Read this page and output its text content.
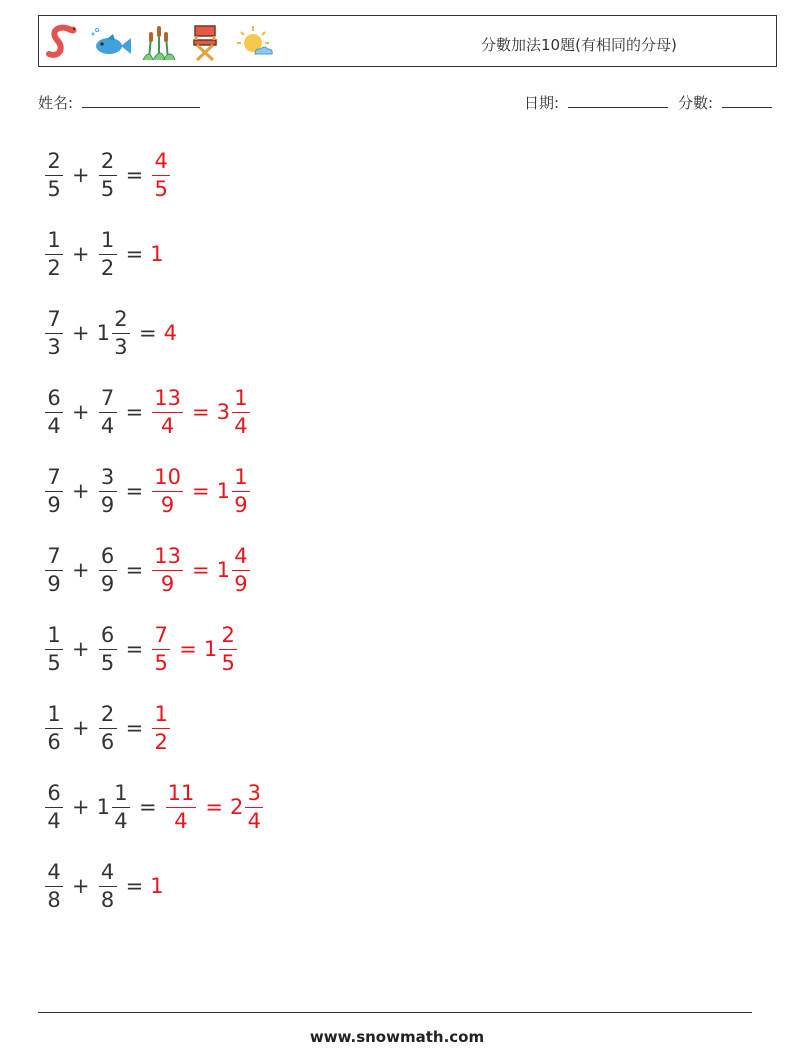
分數加法10題(有相同的分母)
姓名:	日期:	分數:
$\frac{2}{5} + \frac{2}{5} = \frac{4}{5}$
$\frac{1}{2} + \frac{1}{2} = 1$
$\frac{7}{3} + 1 \frac{2}{3} = 4$
$\frac{6}{4} + \frac{7}{4} = \frac{13}{4} = 3 \frac{1}{4}$
$\frac{7}{9} + \frac{3}{9} = \frac{10}{9} = 1 \frac{1}{9}$
$\frac{7}{9} + \frac{6}{9} = \frac{13}{9} = 1 \frac{4}{9}$
$\frac{1}{5} + \frac{6}{5} = \frac{7}{5} = 1 \frac{2}{5}$
$\frac{1}{6} + \frac{2}{6} = \frac{1}{2}$
$\frac{6}{4} + 1 \frac{1}{4} = \frac{11}{4} = 2 \frac{3}{4}$
$\frac{4}{8} + \frac{4}{8} = 1$
www.snowmath.com
